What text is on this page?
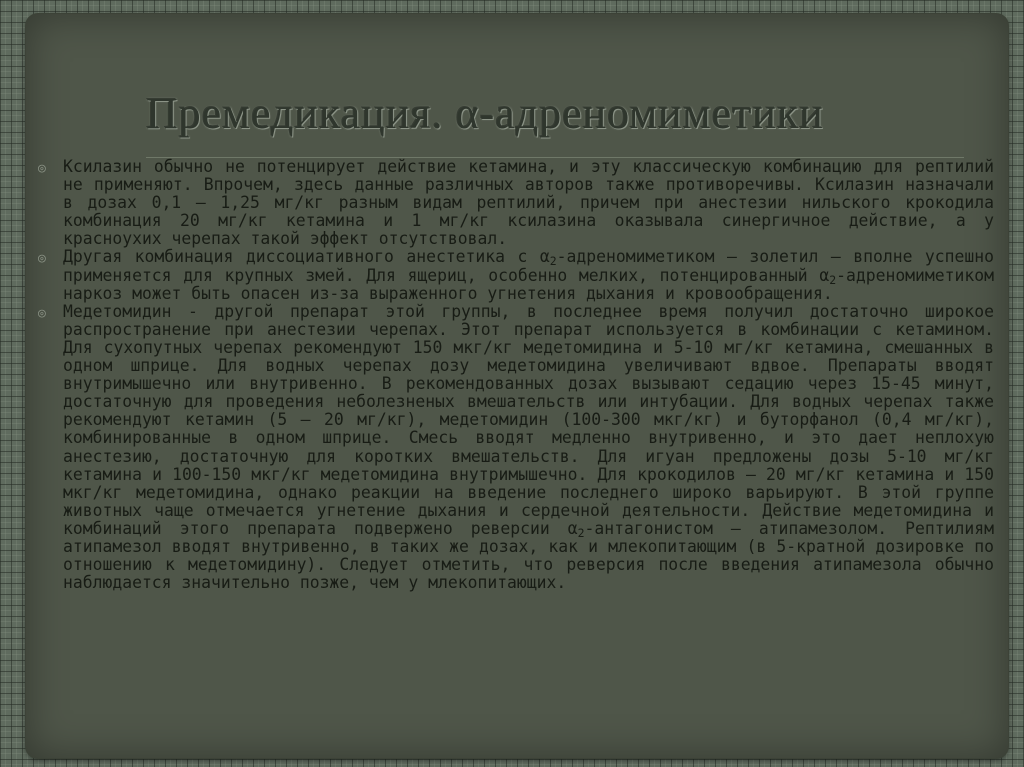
Премедикация. α-адреномиметики
◎ Ксилазин обычно не потенцирует действие кетамина, и эту классическую комбинацию для рептилий не применяют. Впрочем, здесь данные различных авторов также противоречивы. Ксилазин назначали в дозах 0,1 — 1,25 мг/кг разным видам рептилий, причем при анестезии нильского крокодила комбинация 20 мг/кг кетамина и 1 мг/кг ксилазина оказывала синергичное действие, а у красноухих черепах такой эффект отсутствовал.
◎ Другая комбинация диссоциативного анестетика с $\alpha_2$-адреномиметиком — золетил — вполне успешно применяется для крупных змей. Для ящериц, особенно мелких, потенцированный $\alpha_2$-адреномиметиком наркоз может быть опасен из-за выраженного угнетения дыхания и кровообращения.
◎ Медетомидин - другой препарат этой группы, в последнее время получил достаточно широкое распространение при анестезии черепах. Этот препарат используется в комбинации с кетамином. Для сухопутных черепах рекомендуют 150 мкг/кг медетомидина и 5-10 мг/кг кетамина, смешанных в одном шприце. Для водных черепах дозу медетомидина увеличивают вдвое. Препараты вводят внутримышечно или внутривенно. В рекомендованных дозах вызывают седацию через 15-45 минут, достаточную для проведения неболезненых вмешательств или интубации. Для водных черепах также рекомендуют кетамин (5 — 20 мг/кг), медетомидин (100-300 мкг/кг) и буторфанол (0,4 мг/кг), комбинированные в одном шприце. Смесь вводят медленно внутривенно, и это дает неплохую анестезию, достаточную для коротких вмешательств. Для игуан предложены дозы 5-10 мг/кг кетамина и 100-150 мкг/кг медетомидина внутримышечно. Для крокодилов – 20 мг/кг кетамина и 150 мкг/кг медетомидина, однако реакции на введение последнего широко варьируют. В этой группе животных чаще отмечается угнетение дыхания и сердечной деятельности. Действие медетомидина и комбинаций этого препарата подвержено реверсии $\alpha_2$-антагонистом — атипамезолом. Рептилиям атипамезол вводят внутривенно, в таких же дозах, как и млекопитающим (в 5-кратной дозировке по отношению к медетомидину). Следует отметить, что реверсия после введения атипамезола обычно наблюдается значительно позже, чем у млекопитающих.
